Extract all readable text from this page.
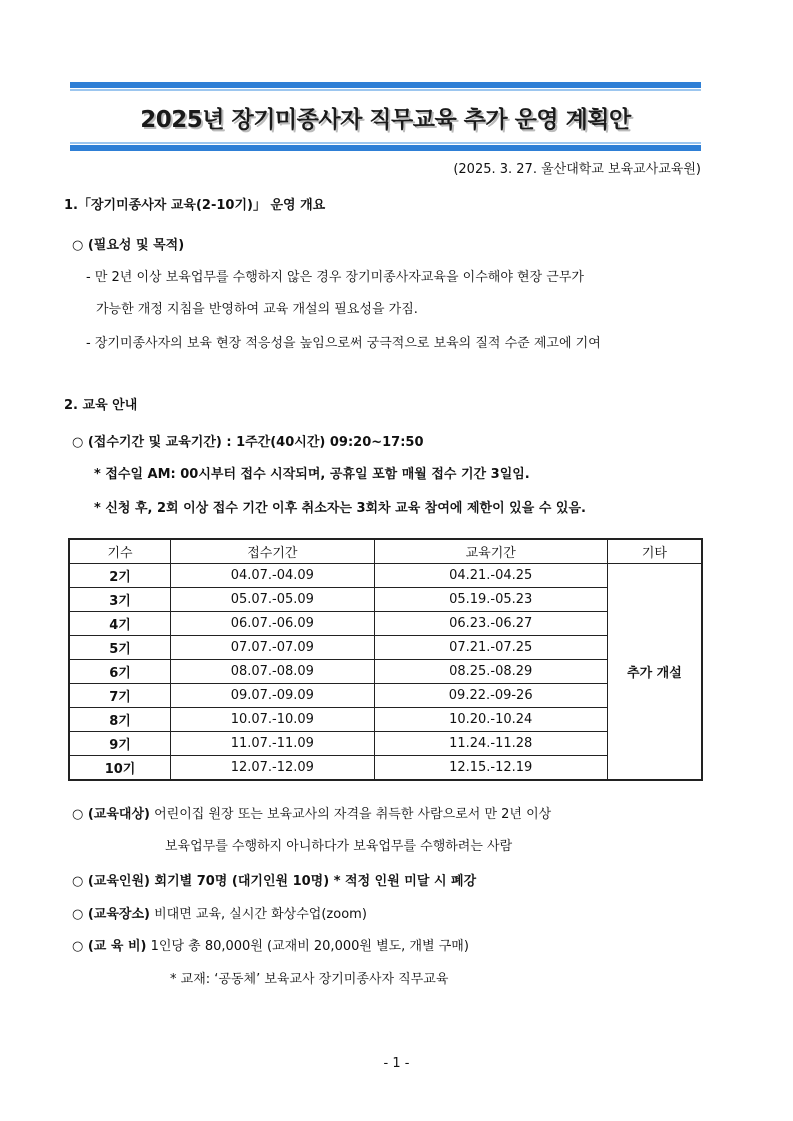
2025년 장기미종사자 직무교육 추가 운영 계획안
(2025. 3. 27. 울산대학교 보육교사교육원)
1.「장기미종사자 교육(2-10기)」 운영 개요
○ (필요성 및 목적)
- 만 2년 이상 보육업무를 수행하지 않은 경우 장기미종사자교육을 이수해야 현장 근무가
가능한 개정 지침을 반영하여 교육 개설의 필요성을 가짐.
- 장기미종사자의 보육 현장 적응성을 높임으로써 궁극적으로 보육의 질적 수준 제고에 기여
2. 교육 안내
○ (접수기간 및 교육기간) : 1주간(40시간) 09:20~17:50
* 접수일 AM: 00시부터 접수 시작되며, 공휴일 포함 매월 접수 기간 3일임.
* 신청 후, 2회 이상 접수 기간 이후 취소자는 3회차 교육 참여에 제한이 있을 수 있음.
기수	접수기간	교육기간	기타
2기	04.07.-04.09	04.21.-04.25	추가 개설
3기	05.07.-05.09	05.19.-05.23	
4기	06.07.-06.09	06.23.-06.27	
5기	07.07.-07.09	07.21.-07.25	
6기	08.07.-08.09	08.25.-08.29	
7기	09.07.-09.09	09.22.-09-26	
8기	10.07.-10.09	10.20.-10.24	
9기	11.07.-11.09	11.24.-11.28	
10기	12.07.-12.09	12.15.-12.19	
○ (교육대상) 어린이집 원장 또는 보육교사의 자격을 취득한 사람으로서 만 2년 이상
보육업무를 수행하지 아니하다가 보육업무를 수행하려는 사람
○ (교육인원) 회기별 70명 (대기인원 10명) * 적정 인원 미달 시 폐강
○ (교육장소) 비대면 교육, 실시간 화상수업(zoom)
○ (교 육 비) 1인당 총 80,000원 (교재비 20,000원 별도, 개별 구매)
* 교재: ‘공동체’ 보육교사 장기미종사자 직무교육
- 1 -
